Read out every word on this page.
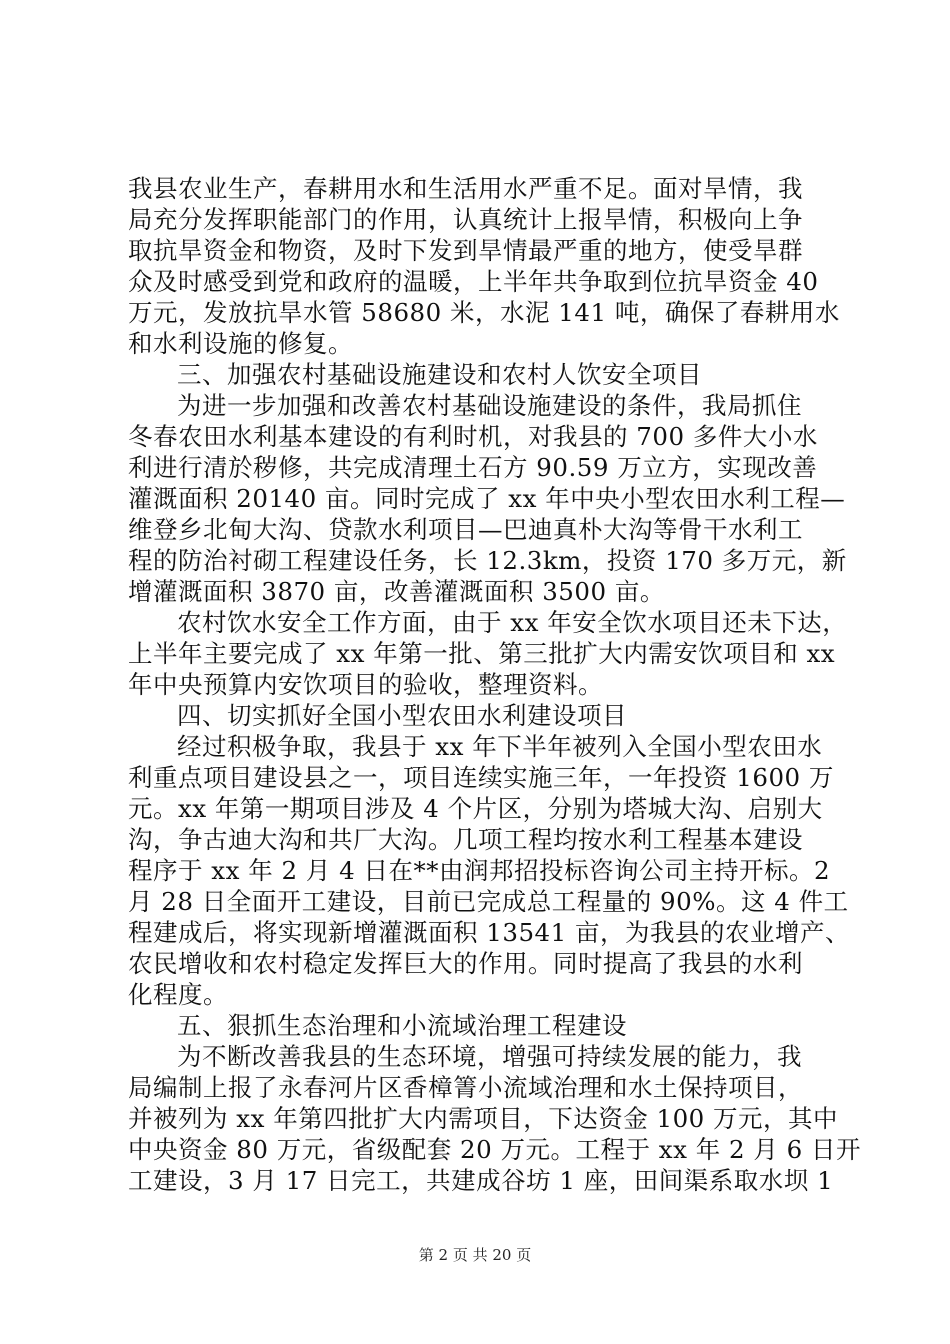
我县农业生产，春耕用水和生活用水严重不足。面对旱情，我
局充分发挥职能部门的作用，认真统计上报旱情，积极向上争
取抗旱资金和物资，及时下发到旱情最严重的地方，使受旱群
众及时感受到党和政府的温暖，上半年共争取到位抗旱资金 40
万元，发放抗旱水管 58680 米，水泥 141 吨，确保了春耕用水
和水利设施的修复。
三、加强农村基础设施建设和农村人饮安全项目
为进一步加强和改善农村基础设施建设的条件，我局抓住
冬春农田水利基本建设的有利时机，对我县的 700 多件大小水
利进行清於秽修，共完成清理土石方 90.59 万立方，实现改善
灌溉面积 20140 亩。同时完成了 xx 年中央小型农田水利工程—
维登乡北甸大沟、贷款水利项目—巴迪真朴大沟等骨干水利工
程的防治衬砌工程建设任务，长 12.3km，投资 170 多万元，新
增灌溉面积 3870 亩，改善灌溉面积 3500 亩。
农村饮水安全工作方面，由于 xx 年安全饮水项目还未下达，
上半年主要完成了 xx 年第一批、第三批扩大内需安饮项目和 xx
年中央预算内安饮项目的验收，整理资料。
四、切实抓好全国小型农田水利建设项目
经过积极争取，我县于 xx 年下半年被列入全国小型农田水
利重点项目建设县之一，项目连续实施三年，一年投资 1600 万
元。xx 年第一期项目涉及 4 个片区，分别为塔城大沟、启别大
沟，争古迪大沟和共厂大沟。几项工程均按水利工程基本建设
程序于 xx 年 2 月 4 日在**由润邦招投标咨询公司主持开标。2
月 28 日全面开工建设，目前已完成总工程量的 90%。这 4 件工
程建成后，将实现新增灌溉面积 13541 亩，为我县的农业增产、
农民增收和农村稳定发挥巨大的作用。同时提高了我县的水利
化程度。
五、狠抓生态治理和小流域治理工程建设
为不断改善我县的生态环境，增强可持续发展的能力，我
局编制上报了永春河片区香樟箐小流域治理和水土保持项目，
并被列为 xx 年第四批扩大内需项目，下达资金 100 万元，其中
中央资金 80 万元，省级配套 20 万元。工程于 xx 年 2 月 6 日开
工建设，3 月 17 日完工，共建成谷坊 1 座，田间渠系取水坝 1
第 2 页 共 20 页
